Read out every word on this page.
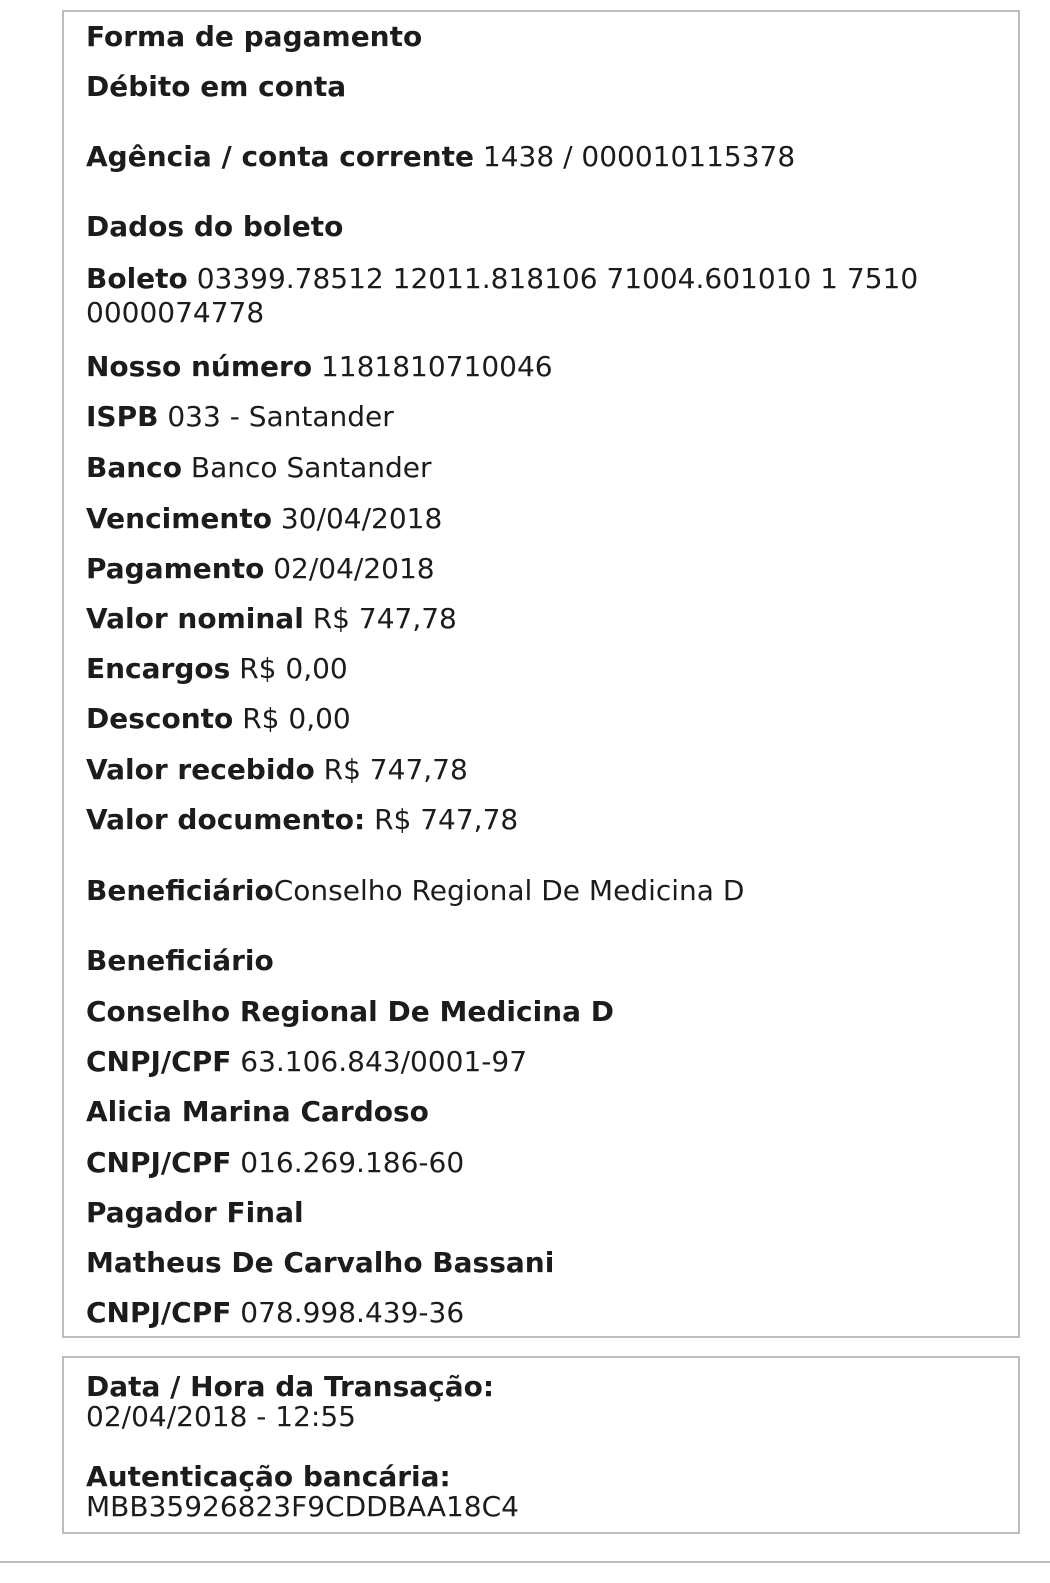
Forma de pagamento
Débito em conta
Agência / conta corrente 1438 / 000010115378
Dados do boleto
Boleto 03399.78512 12011.818106 71004.601010 1 7510 0000074778
Nosso número 1181810710046
ISPB 033 - Santander
Banco Banco Santander
Vencimento 30/04/2018
Pagamento 02/04/2018
Valor nominal R$ 747,78
Encargos R$ 0,00
Desconto R$ 0,00
Valor recebido R$ 747,78
Valor documento: R$ 747,78
BeneficiárioConselho Regional De Medicina D
Beneficiário
Conselho Regional De Medicina D
CNPJ/CPF 63.106.843/0001-97
Alicia Marina Cardoso
CNPJ/CPF 016.269.186-60
Pagador Final
Matheus De Carvalho Bassani
CNPJ/CPF 078.998.439-36
Data / Hora da Transação:
02/04/2018 - 12:55
Autenticação bancária:
MBB35926823F9CDDBAA18C4
